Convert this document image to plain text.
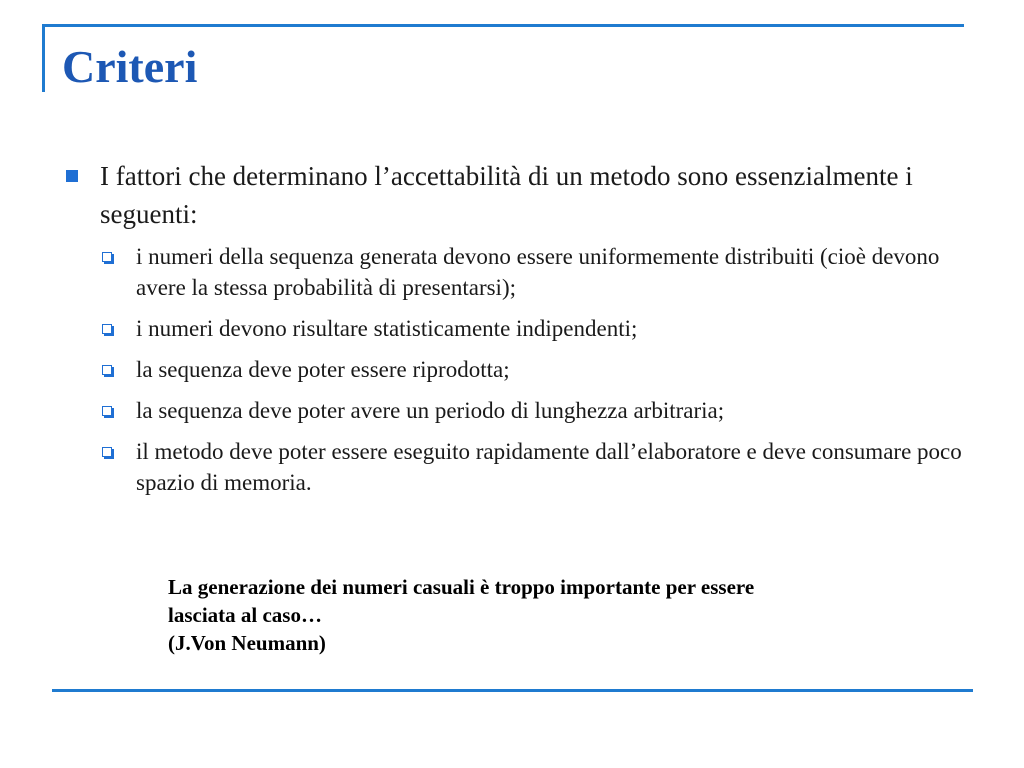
Criteri
I fattori che determinano l’accettabilità di un metodo sono essenzialmente i seguenti:
i numeri della sequenza generata devono essere uniformemente distribuiti (cioè devono avere la stessa probabilità di presentarsi);
i numeri devono risultare statisticamente indipendenti;
la sequenza deve poter essere riprodotta;
la sequenza deve poter avere un periodo di lunghezza arbitraria;
il metodo deve poter essere eseguito rapidamente dall’elaboratore e deve consumare poco spazio di memoria.
La generazione dei numeri casuali è troppo importante per essere
lasciata al caso…
(J.Von Neumann)
